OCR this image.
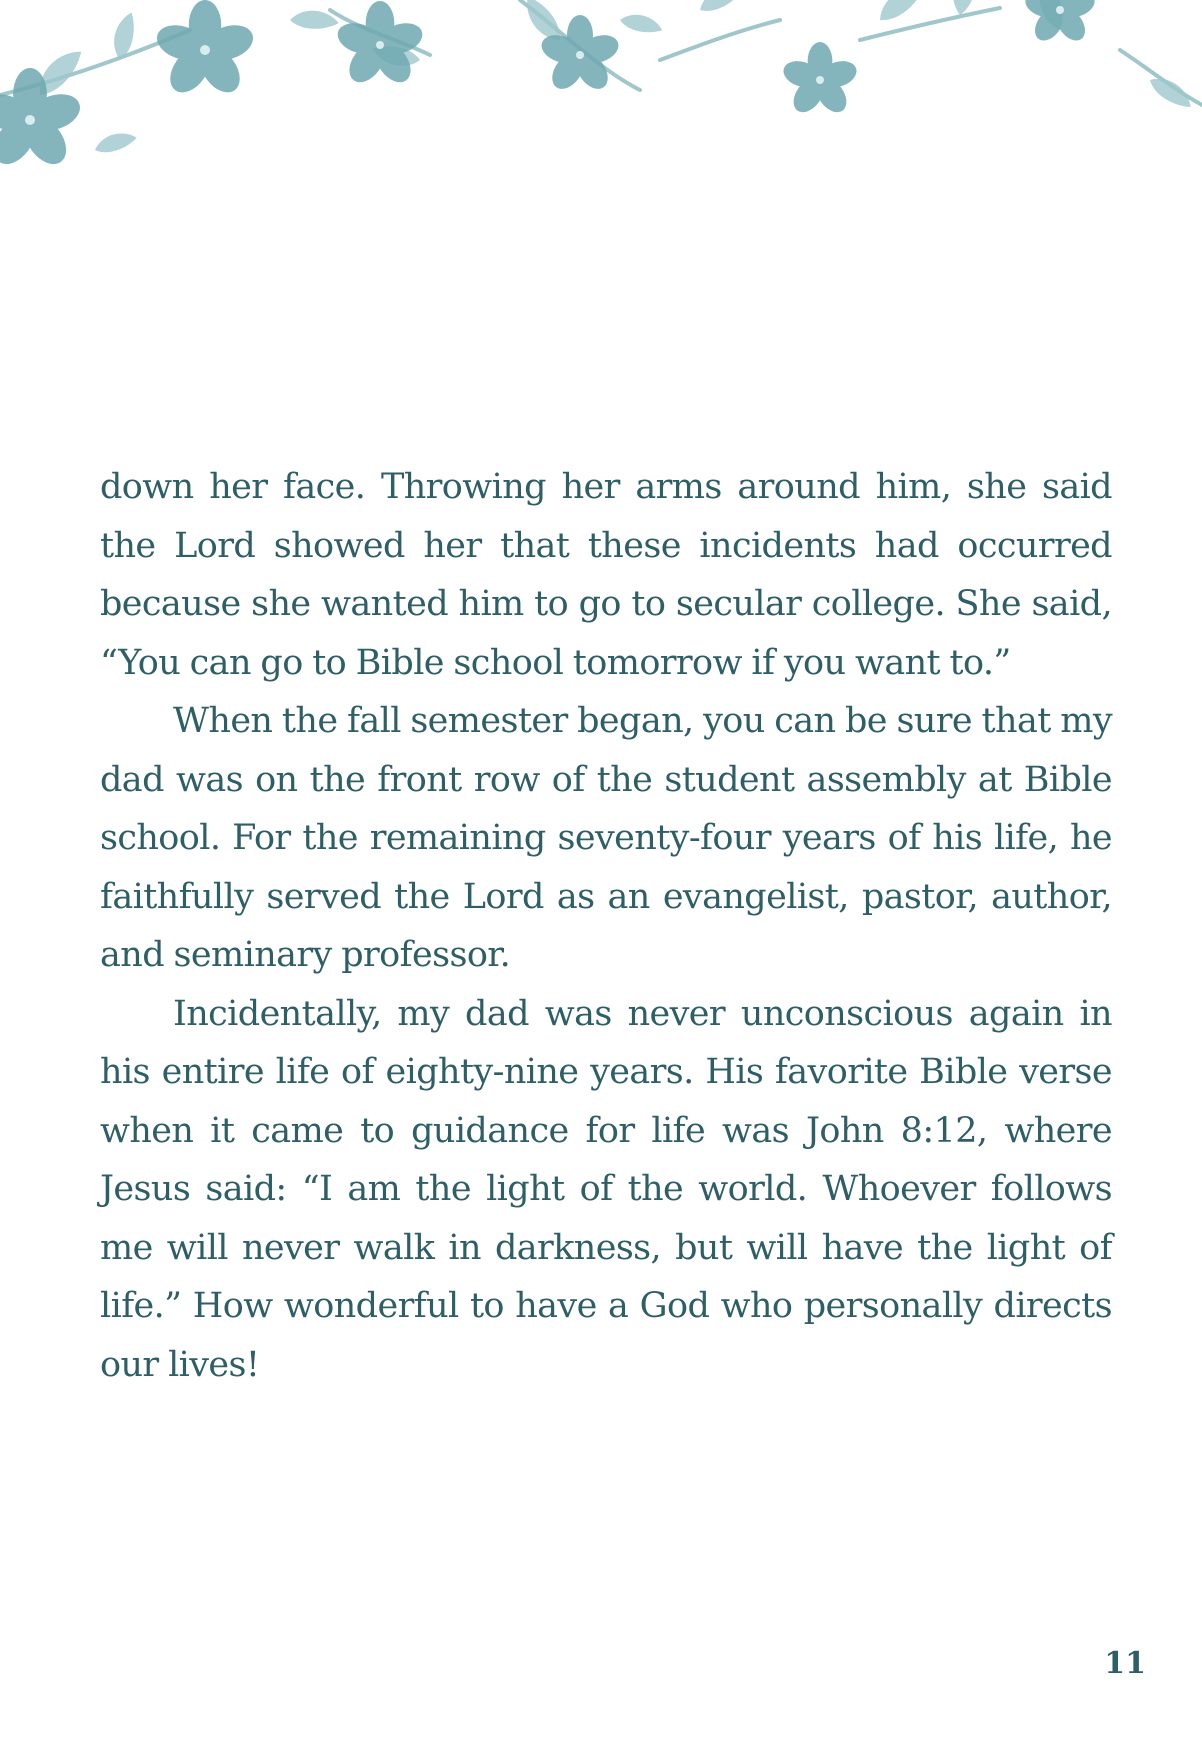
down her face. Throwing her arms around him, she said the Lord showed her that these incidents had occurred because she wanted him to go to secular college. She said, “You can go to Bible school tomorrow if you want to.”

When the fall semester began, you can be sure that my dad was on the front row of the student assembly at Bible school. For the remaining seventy-four years of his life, he faithfully served the Lord as an evangelist, pastor, author, and seminary professor.

Incidentally, my dad was never unconscious again in his entire life of eighty-nine years. His favorite Bible verse when it came to guidance for life was John 8:12, where Jesus said: “I am the light of the world. Whoever follows me will never walk in darkness, but will have the light of life.” How wonderful to have a God who personally directs our lives!

11
